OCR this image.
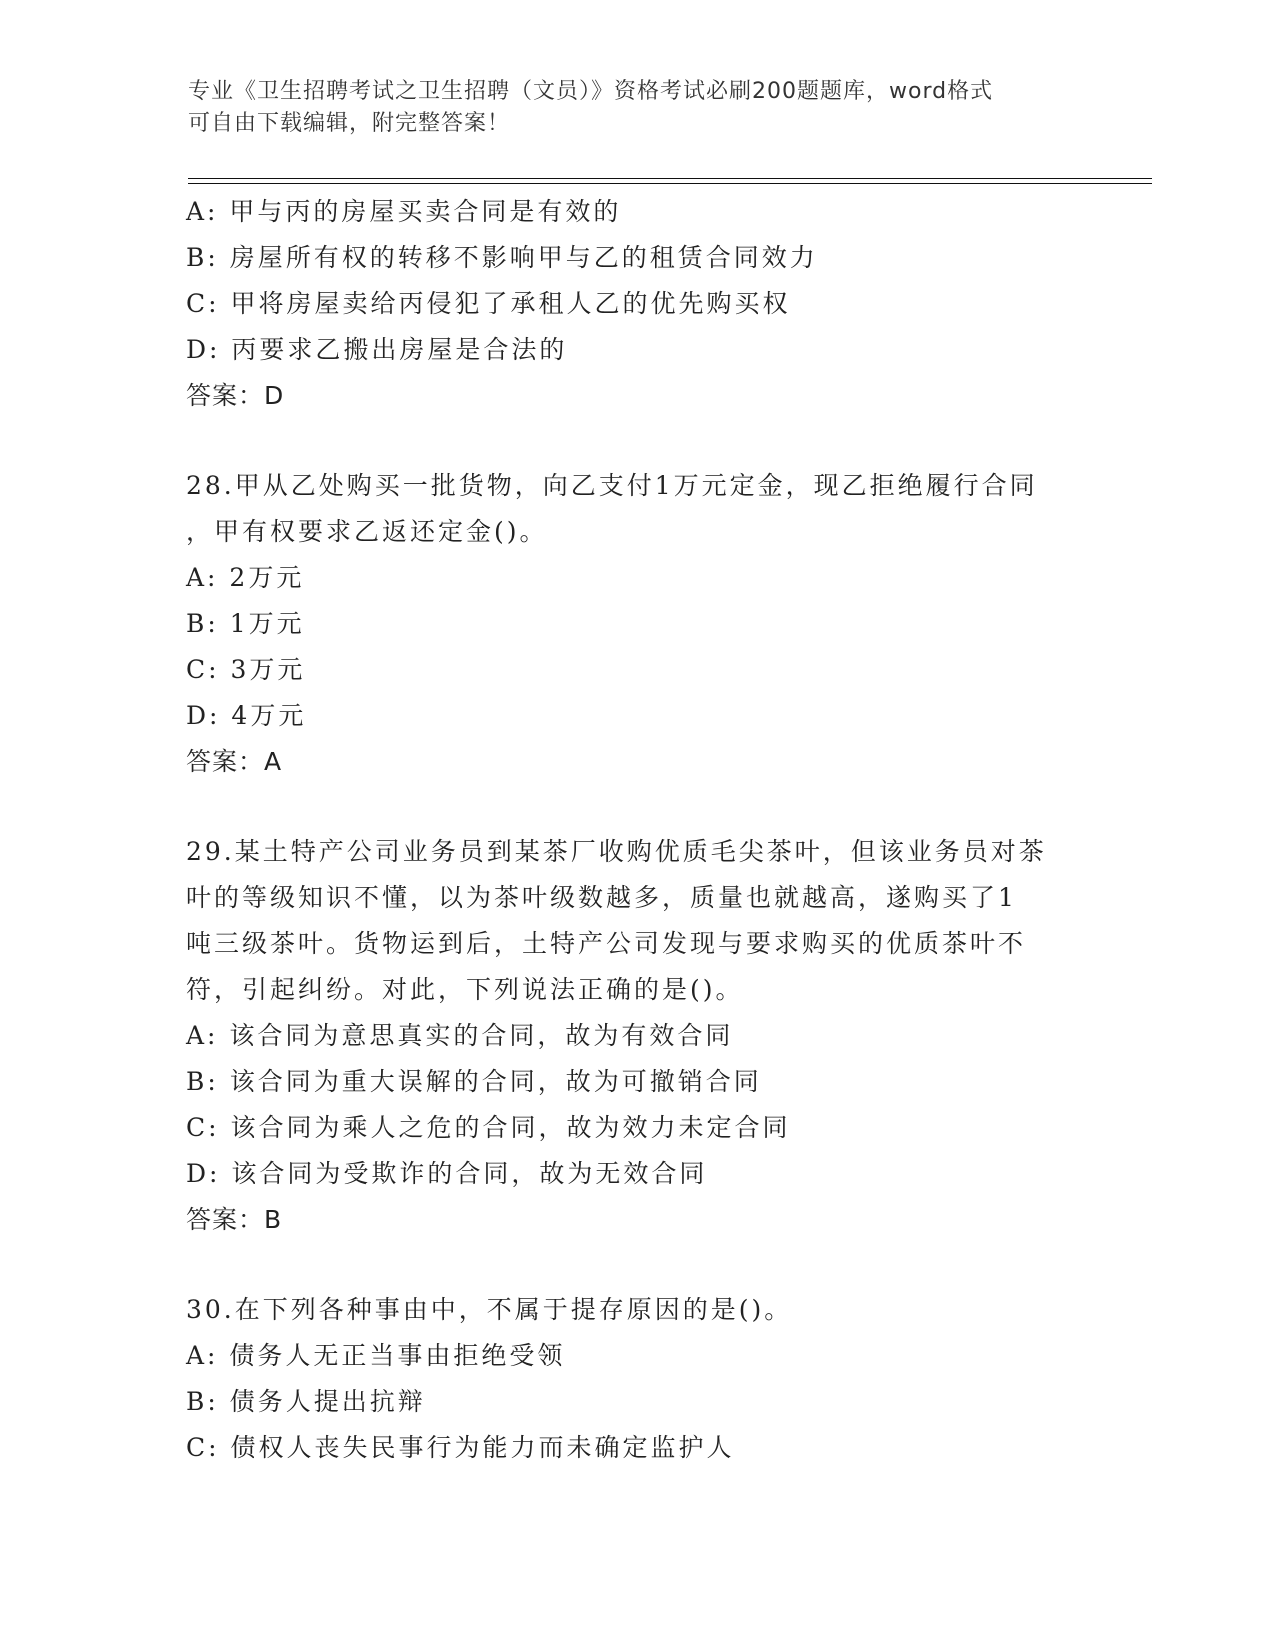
专业《卫生招聘考试之卫生招聘（文员）》资格考试必刷200题题库，word格式
可自由下载编辑，附完整答案！
A: 甲与丙的房屋买卖合同是有效的
B: 房屋所有权的转移不影响甲与乙的租赁合同效力
C: 甲将房屋卖给丙侵犯了承租人乙的优先购买权
D: 丙要求乙搬出房屋是合法的
答案：D
28.甲从乙处购买一批货物，向乙支付1万元定金，现乙拒绝履行合同
，甲有权要求乙返还定金()。
A: 2万元
B: 1万元
C: 3万元
D: 4万元
答案：A
29.某土特产公司业务员到某茶厂收购优质毛尖茶叶，但该业务员对茶
叶的等级知识不懂，以为茶叶级数越多，质量也就越高，遂购买了1
吨三级茶叶。货物运到后，土特产公司发现与要求购买的优质茶叶不
符，引起纠纷。对此，下列说法正确的是()。
A: 该合同为意思真实的合同，故为有效合同
B: 该合同为重大误解的合同，故为可撤销合同
C: 该合同为乘人之危的合同，故为效力未定合同
D: 该合同为受欺诈的合同，故为无效合同
答案：B
30.在下列各种事由中，不属于提存原因的是()。
A: 债务人无正当事由拒绝受领
B: 债务人提出抗辩
C: 债权人丧失民事行为能力而未确定监护人
